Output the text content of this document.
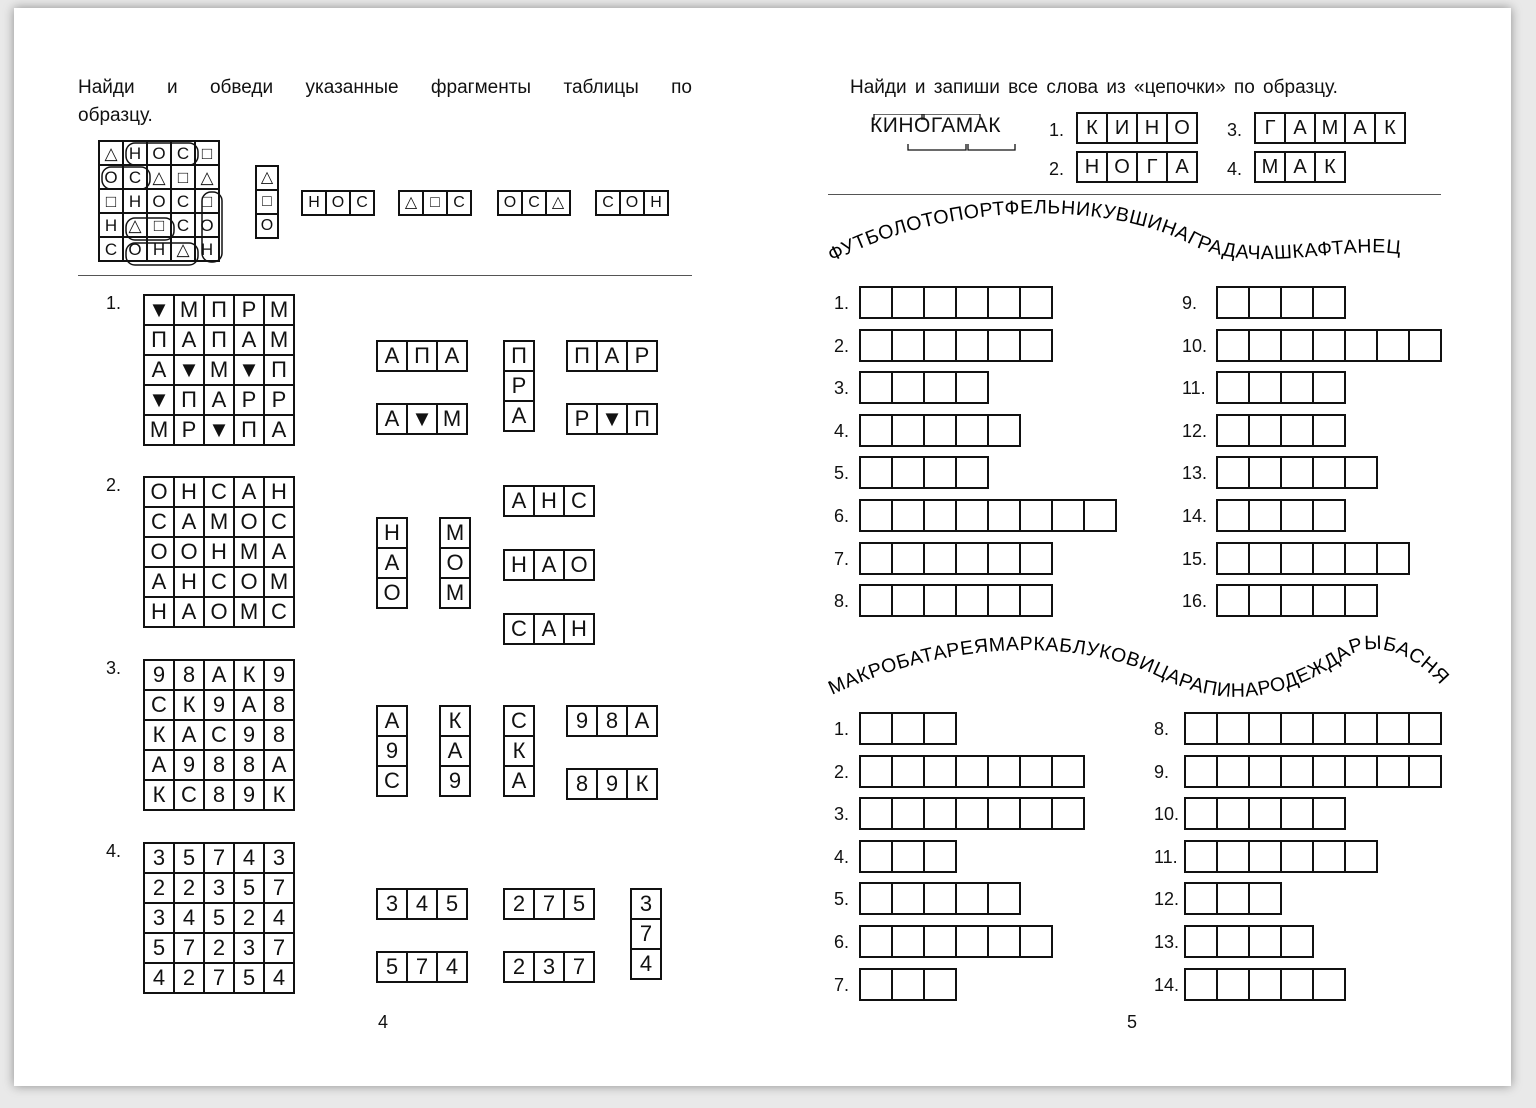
Найди и обведи указанные фрагменты таблицы по образцу.
△ Н О С □
О С △ □ △
□ Н О С □
Н △ □ С О
С О Н △ Н
△
□
О
Н О С	△ □ С	О С △	С О Н
1. ▼ М П Р М
П А П А М
А ▼ М ▼ П
▼ П А Р Р
М Р ▼ П А
А П А	П
Р
А
П А Р
А ▼ М	Р ▼ П
2. О Н С А Н
С А М О С
О О Н М А
А Н С О М
Н А О М С
А Н С
Н
А
О
М
О
М
Н А О
С А Н
3.	9 8 А К 9
С К 9 А 8
К А С 9 8
А 9 8 8 А
К С 8 9 К
А
9
С
К
А
9
С
К
А
9 8 А
8 9 К
4.	3 5 7 4 3
2 2 3 5 7
3 4 5 2 4
5 7 2 3 7
4 2 7 5 4
3 4 5	2 7 5	3
7
4
5 7 4	2 3 7
4
Найди и запиши все слова из «цепочки» по образцу.
КИНОГАМАК	1.	К И Н О
2.	Н О Г А
3.	Г А М А К
4. М А К
ФУТБОЛОТОПОРТФЕЛЬНИКУВШИНАГРАДАЧАШКАФТАНЕЦ
1.
2.
3.
4.
5.
6.
7.
8.
9.
10.
11.
12.
13.
14.
15.
16.
МАКРОБАТАРЕЯМАРКАБЛУКОВИЦАРАПИНАРОДЕЖДАРЫБАСНЯ
1.
2.
3.
4.
5.
6.
7.
8.
9.
10.
11.
12.
13.
14.
5
